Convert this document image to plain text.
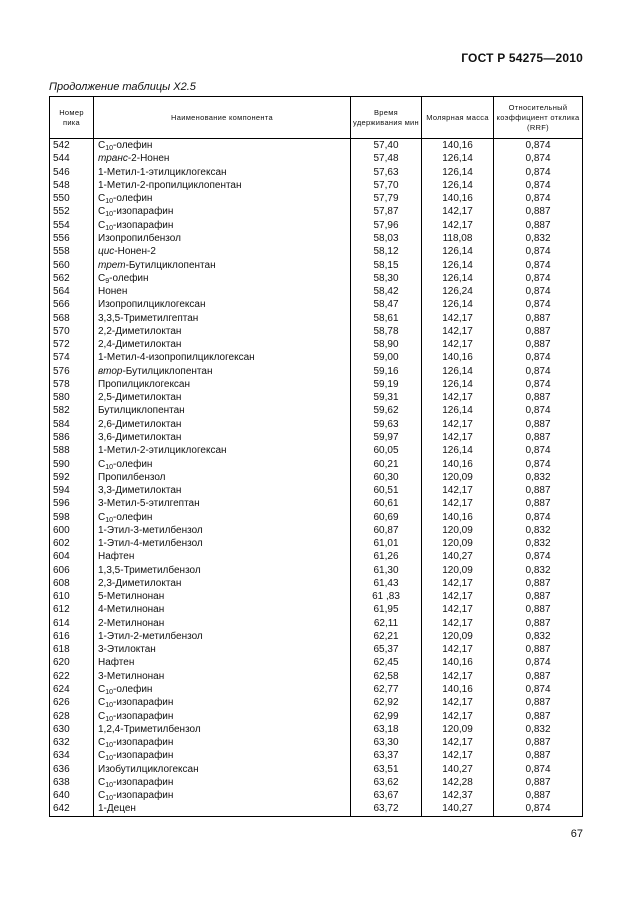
ГОСТ Р 54275—2010
Продолжение таблицы X2.5
Номер пика	Наименование компонента	Время удерживания мин	Молярная масса	Относительный коэффициент отклика (RRF)
542	$C_{10}$-олефин	57,40	140,16	0,874
544	транс-2-Нонен	57,48	126,14	0,874
546	1-Метил-1-этилциклогексан	57,63	126,14	0,874
548	1-Метил-2-пропилциклопентан	57,70	126,14	0,874
550	$C_{10}$-олефин	57,79	140,16	0,874
552	$C_{10}$-изопарафин	57,87	142,17	0,887
554	$C_{10}$-изопарафин	57,96	142,17	0,887
556	Изопропилбензол	58,03	118,08	0,832
558	цис-Нонен-2	58,12	126,14	0,874
560	трет-Бутилциклопентан	58,15	126,14	0,874
562	$C_9$-олефин	58,30	126,14	0,874
564	Нонен	58,42	126,24	0,874
566	Изопропилциклогексан	58,47	126,14	0,874
568	3,3,5-Триметилгептан	58,61	142,17	0,887
570	2,2-Диметилоктан	58,78	142,17	0,887
572	2,4-Диметилоктан	58,90	142,17	0,887
574	1-Метил-4-изопропилциклогексан	59,00	140,16	0,874
576	втор-Бутилциклопентан	59,16	126,14	0,874
578	Пропилциклогексан	59,19	126,14	0,874
580	2,5-Диметилоктан	59,31	142,17	0,887
582	Бутилциклопентан	59,62	126,14	0,874
584	2,6-Диметилоктан	59,63	142,17	0,887
586	3,6-Диметилоктан	59,97	142,17	0,887
588	1-Метил-2-этилциклогексан	60,05	126,14	0,874
590	$C_{10}$-олефин	60,21	140,16	0,874
592	Пропилбензол	60,30	120,09	0,832
594	3,3-Диметилоктан	60,51	142,17	0,887
596	3-Метил-5-этилгептан	60,61	142,17	0,887
598	$C_{10}$-олефин	60,69	140,16	0,874
600	1-Этил-3-метилбензол	60,87	120,09	0,832
602	1-Этил-4-метилбензол	61,01	120,09	0,832
604	Нафтен	61,26	140,27	0,874
606	1,3,5-Триметилбензол	61,30	120,09	0,832
608	2,3-Диметилоктан	61,43	142,17	0,887
610	5-Метилнонан	61 ,83	142,17	0,887
612	4-Метилнонан	61,95	142,17	0,887
614	2-Метилнонан	62,11	142,17	0,887
616	1-Этил-2-метилбензол	62,21	120,09	0,832
618	3-Этилоктан	65,37	142,17	0,887
620	Нафтен	62,45	140,16	0,874
622	3-Метилнонан	62,58	142,17	0,887
624	$C_{10}$-олефин	62,77	140,16	0,874
626	$C_{10}$-изопарафин	62,92	142,17	0,887
628	$C_{10}$-изопарафин	62,99	142,17	0,887
630	1,2,4-Триметилбензол	63,18	120,09	0,832
632	$C_{10}$-изопарафин	63,30	142,17	0,887
634	$C_{10}$-изопарафин	63,37	142,17	0,887
636	Изобутилциклогексан	63,51	140,27	0,874
638	$C_{10}$-изопарафин	63,62	142,28	0,887
640	$C_{10}$-изопарафин	63,67	142,37	0,887
642	1-Децен	63,72	140,27	0,874
67
